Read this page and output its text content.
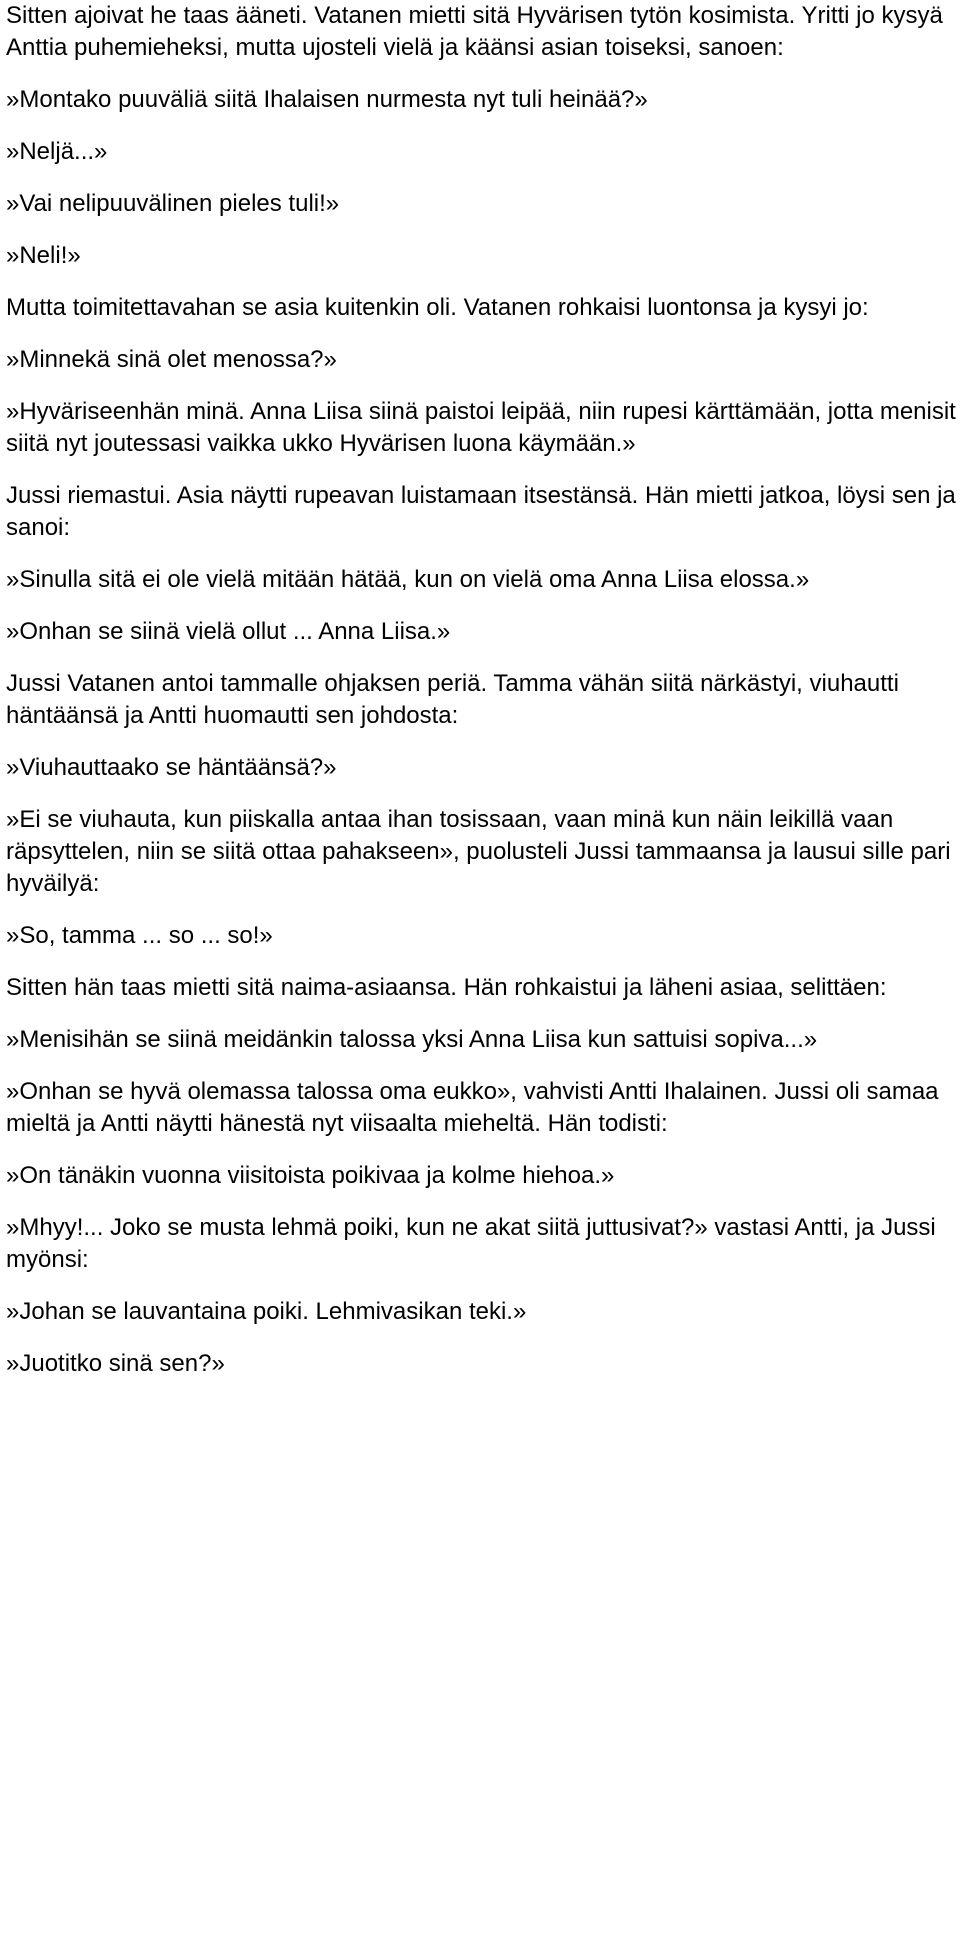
Sitten ajoivat he taas ääneti. Vatanen mietti sitä Hyvärisen tytön kosimista. Yritti jo kysyä Anttia puhemieheksi, mutta ujosteli vielä ja käänsi asian toiseksi, sanoen:

»Montako puuväliä siitä Ihalaisen nurmesta nyt tuli heinää?»

»Neljä...»

»Vai nelipuuvälinen pieles tuli!»

»Neli!»

Mutta toimitettavahan se asia kuitenkin oli. Vatanen rohkaisi luontonsa ja kysyi jo:

»Minnekä sinä olet menossa?»

»Hyväriseenhän minä. Anna Liisa siinä paistoi leipää, niin rupesi kärttämään, jotta menisit siitä nyt joutessasi vaikka ukko Hyvärisen luona käymään.»

Jussi riemastui. Asia näytti rupeavan luistamaan itsestänsä. Hän mietti jatkoa, löysi sen ja sanoi:

»Sinulla sitä ei ole vielä mitään hätää, kun on vielä oma Anna Liisa elossa.»

»Onhan se siinä vielä ollut ... Anna Liisa.»

Jussi Vatanen antoi tammalle ohjaksen periä. Tamma vähän siitä närkästyi, viuhautti häntäänsä ja Antti huomautti sen johdosta:

»Viuhauttaako se häntäänsä?»

»Ei se viuhauta, kun piiskalla antaa ihan tosissaan, vaan minä kun näin leikillä vaan räpsyttelen, niin se siitä ottaa pahakseen», puolusteli Jussi tammaansa ja lausui sille pari hyväilyä:

»So, tamma ... so ... so!»

Sitten hän taas mietti sitä naima-asiaansa. Hän rohkaistui ja läheni asiaa, selittäen:

»Menisihän se siinä meidänkin talossa yksi Anna Liisa kun sattuisi sopiva...»

»Onhan se hyvä olemassa talossa oma eukko», vahvisti Antti Ihalainen. Jussi oli samaa mieltä ja Antti näytti hänestä nyt viisaalta mieheltä. Hän todisti:

»On tänäkin vuonna viisitoista poikivaa ja kolme hiehoa.»

»Mhyy!... Joko se musta lehmä poiki, kun ne akat siitä juttusivat?» vastasi Antti, ja Jussi myönsi:

»Johan se lauvantaina poiki. Lehmivasikan teki.»

»Juotitko sinä sen?»
